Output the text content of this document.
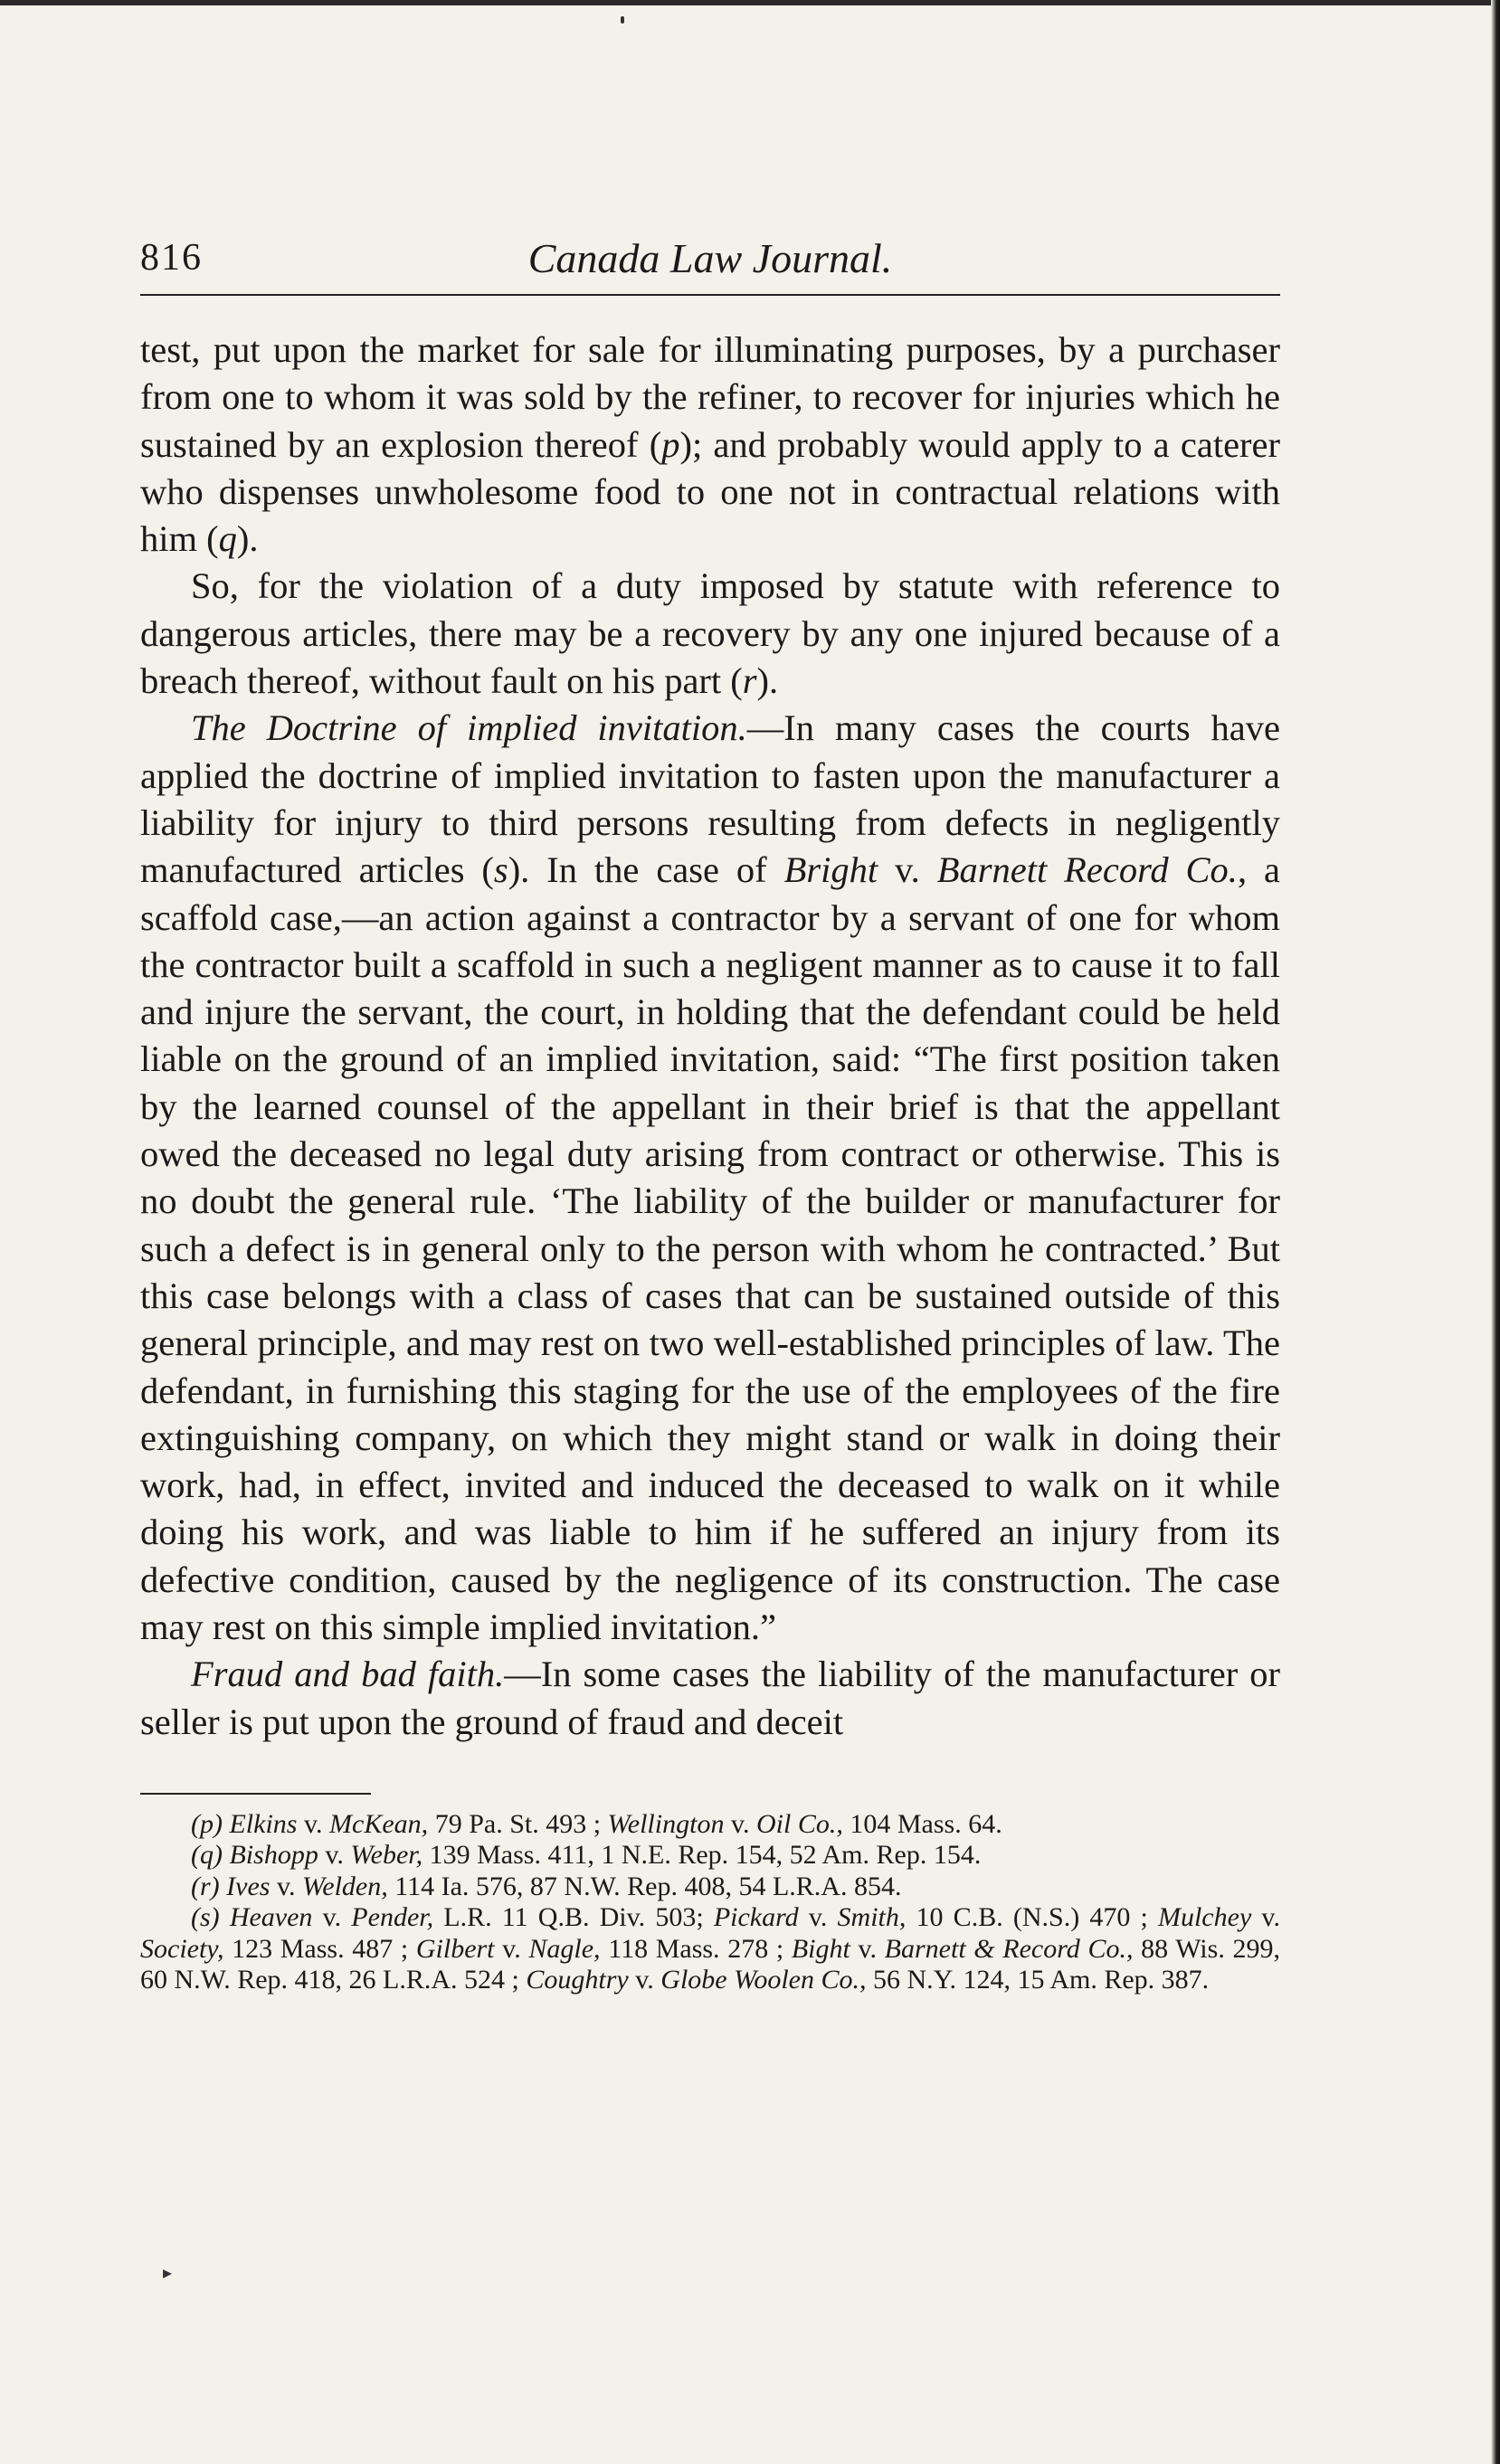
816	Canada Law Journal.

test, put upon the market for sale for illuminating purposes, by a purchaser from one to whom it was sold by the refiner, to recover for injuries which he sustained by an explosion thereof (p); and probably would apply to a caterer who dispenses unwholesome food to one not in contractual relations with him (q).

So, for the violation of a duty imposed by statute with reference to dangerous articles, there may be a recovery by any one injured because of a breach thereof, without fault on his part (r).

The Doctrine of implied invitation.—In many cases the courts have applied the doctrine of implied invitation to fasten upon the manufacturer a liability for injury to third persons resulting from defects in negligently manufactured articles (s). In the case of Bright v. Barnett Record Co., a scaffold case,—an action against a contractor by a servant of one for whom the contractor built a scaffold in such a negligent manner as to cause it to fall and injure the servant, the court, in holding that the defendant could be held liable on the ground of an implied invitation, said: “The first position taken by the learned counsel of the appellant in their brief is that the appellant owed the deceased no legal duty arising from contract or otherwise. This is no doubt the general rule. ‘The liability of the builder or manufacturer for such a defect is in general only to the person with whom he contracted.’ But this case belongs with a class of cases that can be sustained outside of this general principle, and may rest on two well-established principles of law. The defendant, in furnishing this staging for the use of the employees of the fire extinguishing company, on which they might stand or walk in doing their work, had, in effect, invited and induced the deceased to walk on it while doing his work, and was liable to him if he suffered an injury from its defective condition, caused by the negligence of its construction. The case may rest on this simple implied invitation.”

Fraud and bad faith.—In some cases the liability of the manufacturer or seller is put upon the ground of fraud and deceit

(p) Elkins v. McKean, 79 Pa. St. 493 ; Wellington v. Oil Co., 104 Mass. 64.

(q) Bishopp v. Weber, 139 Mass. 411, 1 N.E. Rep. 154, 52 Am. Rep. 154.

(r) Ives v. Welden, 114 Ia. 576, 87 N.W. Rep. 408, 54 L.R.A. 854.

(s) Heaven v. Pender, L.R. 11 Q.B. Div. 503; Pickard v. Smith, 10 C.B. (N.S.) 470 ; Mulchey v. Society, 123 Mass. 487 ; Gilbert v. Nagle, 118 Mass. 278 ; Bight v. Barnett & Record Co., 88 Wis. 299, 60 N.W. Rep. 418, 26 L.R.A. 524 ; Coughtry v. Globe Woolen Co., 56 N.Y. 124, 15 Am. Rep. 387.

▸
